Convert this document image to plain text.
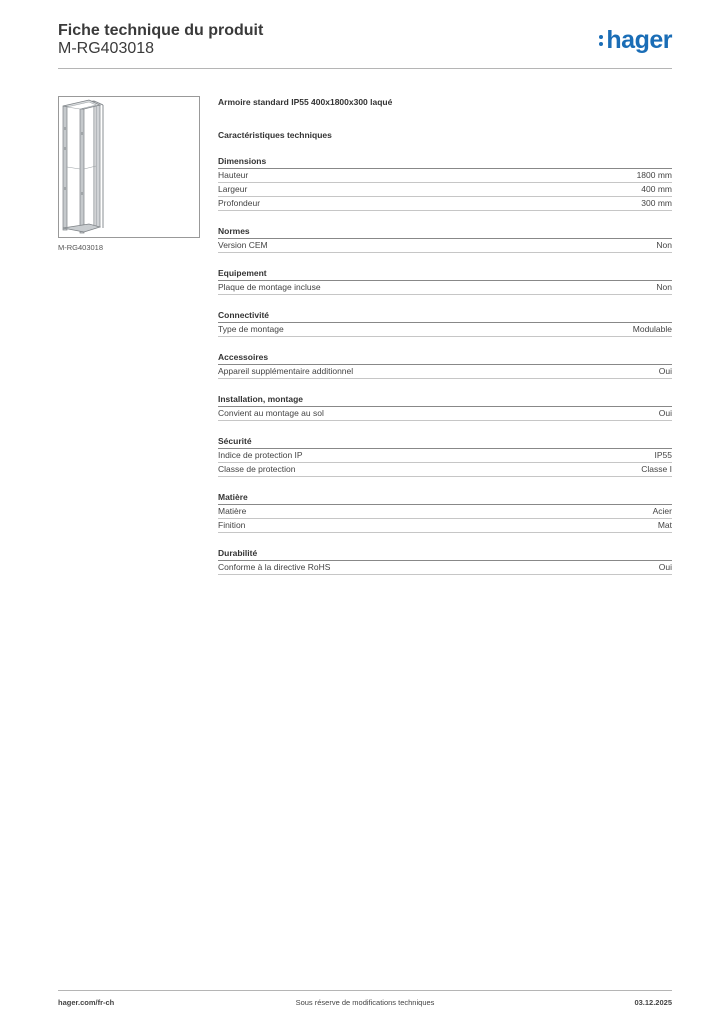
Fiche technique du produit
M-RG403018	hager
M-RG403018
Armoire standard IP55 400x1800x300 laqué
Caractéristiques techniques
Dimensions
Hauteur	1800 mm
Largeur	400 mm
Profondeur	300 mm
Normes
Version CEM	Non
Equipement
Plaque de montage incluse	Non
Connectivité
Type de montage	Modulable
Accessoires
Appareil supplémentaire additionnel	Oui
Installation, montage
Convient au montage au sol	Oui
Sécurité
Indice de protection IP	IP55
Classe de protection	Classe I
Matière
Matière	Acier
Finition	Mat
Durabilité
Conforme à la directive RoHS	Oui
hager.com/fr-ch	Sous réserve de modifications techniques	03.12.2025
